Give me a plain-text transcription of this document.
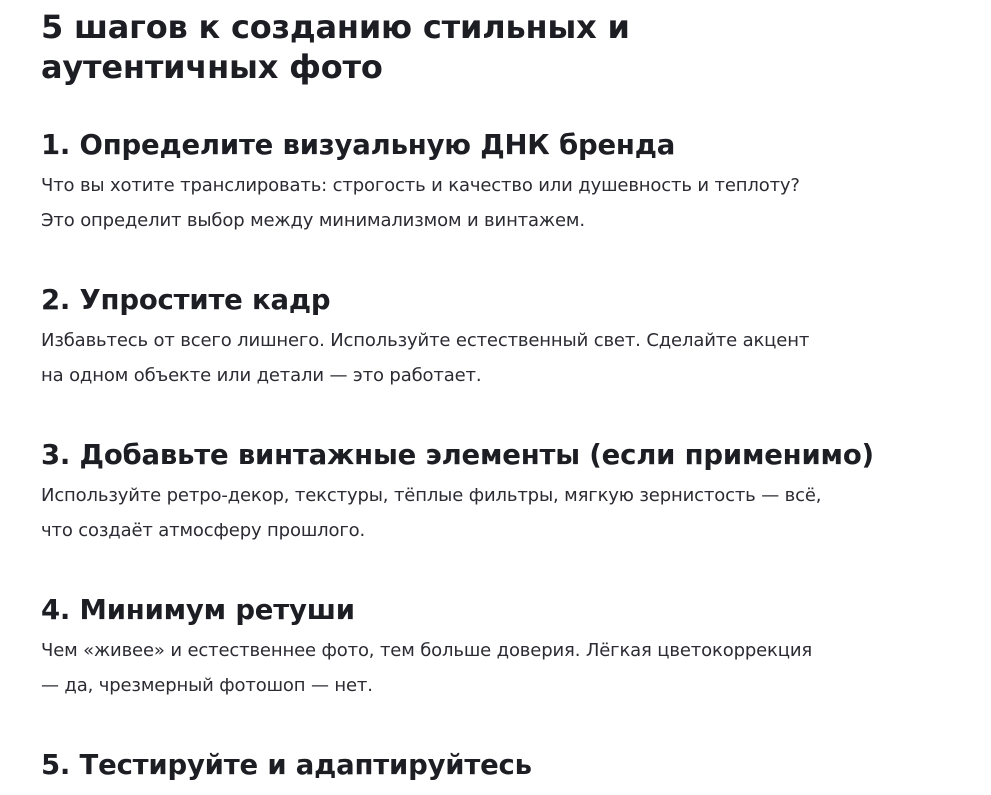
5 шагов к созданию стильных и аутентичных фото
1. Определите визуальную ДНК бренда

Что вы хотите транслировать: строгость и качество или душевность и теплоту?
Это определит выбор между минимализмом и винтажем.

2. Упростите кадр

Избавьтесь от всего лишнего. Используйте естественный свет. Сделайте акцент
на одном объекте или детали — это работает.

3. Добавьте винтажные элементы (если применимо)

Используйте ретро-декор, текстуры, тёплые фильтры, мягкую зернистость — всё,
что создаёт атмосферу прошлого.

4. Минимум ретуши

Чем «живее» и естественнее фото, тем больше доверия. Лёгкая цветокоррекция
— да, чрезмерный фотошоп — нет.

5. Тестируйте и адаптируйтесь
